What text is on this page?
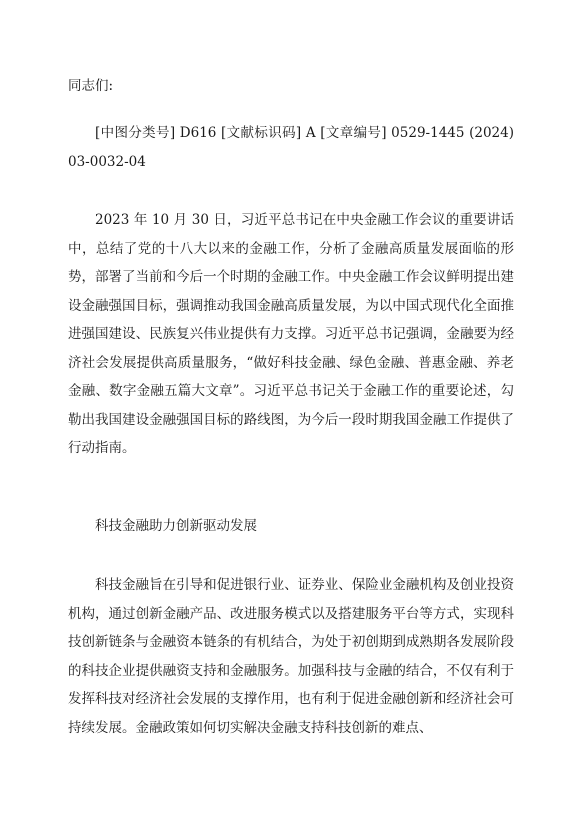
同志们:

[中图分类号] D616 [文献标识码] A [文章编号] 0529-1445 (2024) 03-0032-04

2023 年 10 月 30 日，习近平总书记在中央金融工作会议的重要讲话中，总结了党的十八大以来的金融工作，分析了金融高质量发展面临的形势，部署了当前和今后一个时期的金融工作。中央金融工作会议鲜明提出建设金融强国目标，强调推动我国金融高质量发展，为以中国式现代化全面推进强国建设、民族复兴伟业提供有力支撑。习近平总书记强调，金融要为经济社会发展提供高质量服务，“做好科技金融、绿色金融、普惠金融、养老金融、数字金融五篇大文章”。习近平总书记关于金融工作的重要论述，勾勒出我国建设金融强国目标的路线图，为今后一段时期我国金融工作提供了行动指南。

科技金融助力创新驱动发展

科技金融旨在引导和促进银行业、证券业、保险业金融机构及创业投资机构，通过创新金融产品、改进服务模式以及搭建服务平台等方式，实现科技创新链条与金融资本链条的有机结合，为处于初创期到成熟期各发展阶段的科技企业提供融资支持和金融服务。加强科技与金融的结合，不仅有利于发挥科技对经济社会发展的支撑作用，也有利于促进金融创新和经济社会可持续发展。金融政策如何切实解决金融支持科技创新的难点、
